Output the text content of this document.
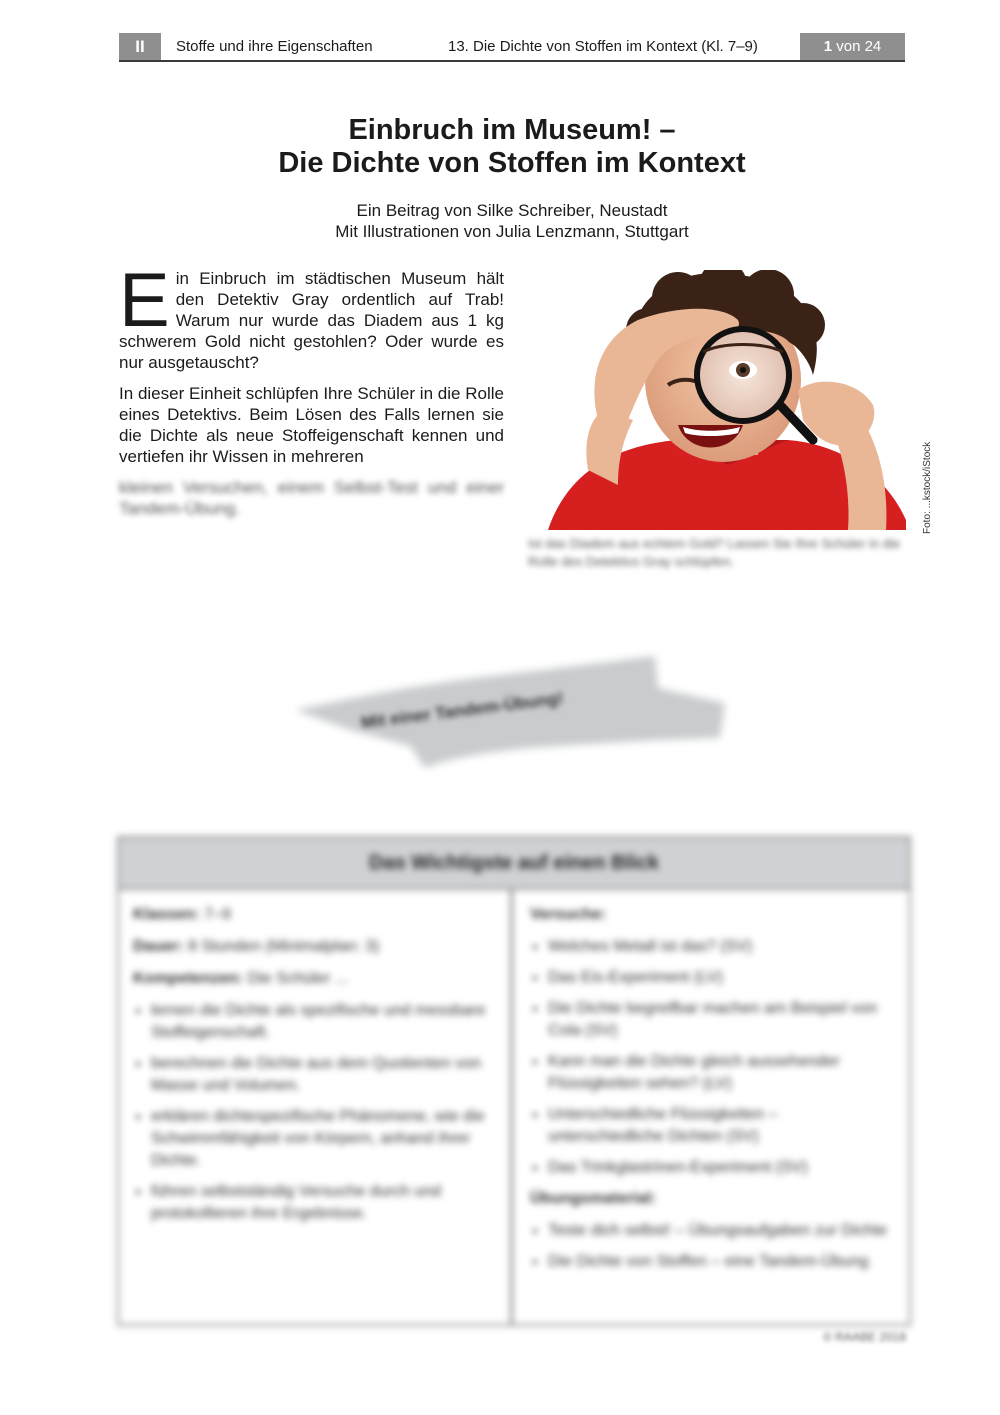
II	Stoffe und ihre Eigenschaften	13. Die Dichte von Stoffen im Kontext (Kl. 7–9)	1 von 24
Einbruch im Museum! –
Die Dichte von Stoffen im Kontext
Ein Beitrag von Silke Schreiber, Neustadt
Mit Illustrationen von Julia Lenzmann, Stuttgart

Ein Einbruch im städtischen Museum hält den Detektiv Gray ordentlich auf Trab! Warum nur wurde das Diadem aus 1 kg schwerem Gold nicht gestohlen? Oder wurde es nur ausgetauscht?

In dieser Einheit schlüpfen Ihre Schüler in die Rolle eines Detektivs. Beim Lösen des Falls lernen sie die Dichte als neue Stoffeigenschaft kennen und vertiefen ihr Wissen in mehreren

kleinen Versuchen, einem Selbst-Test und einer Tandem-Übung.	Foto: ...kstock/iStock
Ist das Diadem aus echtem Gold? Lassen Sie Ihre Schüler in die Rolle des Detektivs Gray schlüpfen.
Mit einer Tandem-Übung!
Das Wichtigste auf einen Blick

Klassen: 7–9

Dauer: 8 Stunden (Minimalplan: 3)

Kompetenzen: Die Schüler ...

• lernen die Dichte als spezifische und messbare Stoffeigenschaft.
• berechnen die Dichte aus dem Quotienten von Masse und Volumen.
• erklären dichtespezifische Phänomene, wie die Schwimmfähigkeit von Körpern, anhand ihrer Dichte.
• führen selbstständig Versuche durch und protokollieren ihre Ergebnisse.

Versuche:

• Welches Metall ist das? (SV)
• Das Eis-Experiment (LV)
• Die Dichte begreifbar machen am Beispiel von Cola (SV)
• Kann man die Dichte gleich aussehender Flüssigkeiten sehen? (LV)
• Unterschiedliche Flüssigkeiten – unterschiedliche Dichten (SV)
• Das Trinkglastrinen-Experiment (SV)

Übungsmaterial:

• Teste dich selbst! – Übungsaufgaben zur Dichte
• Die Dichte von Stoffen – eine Tandem-Übung
© RAABE 2018
